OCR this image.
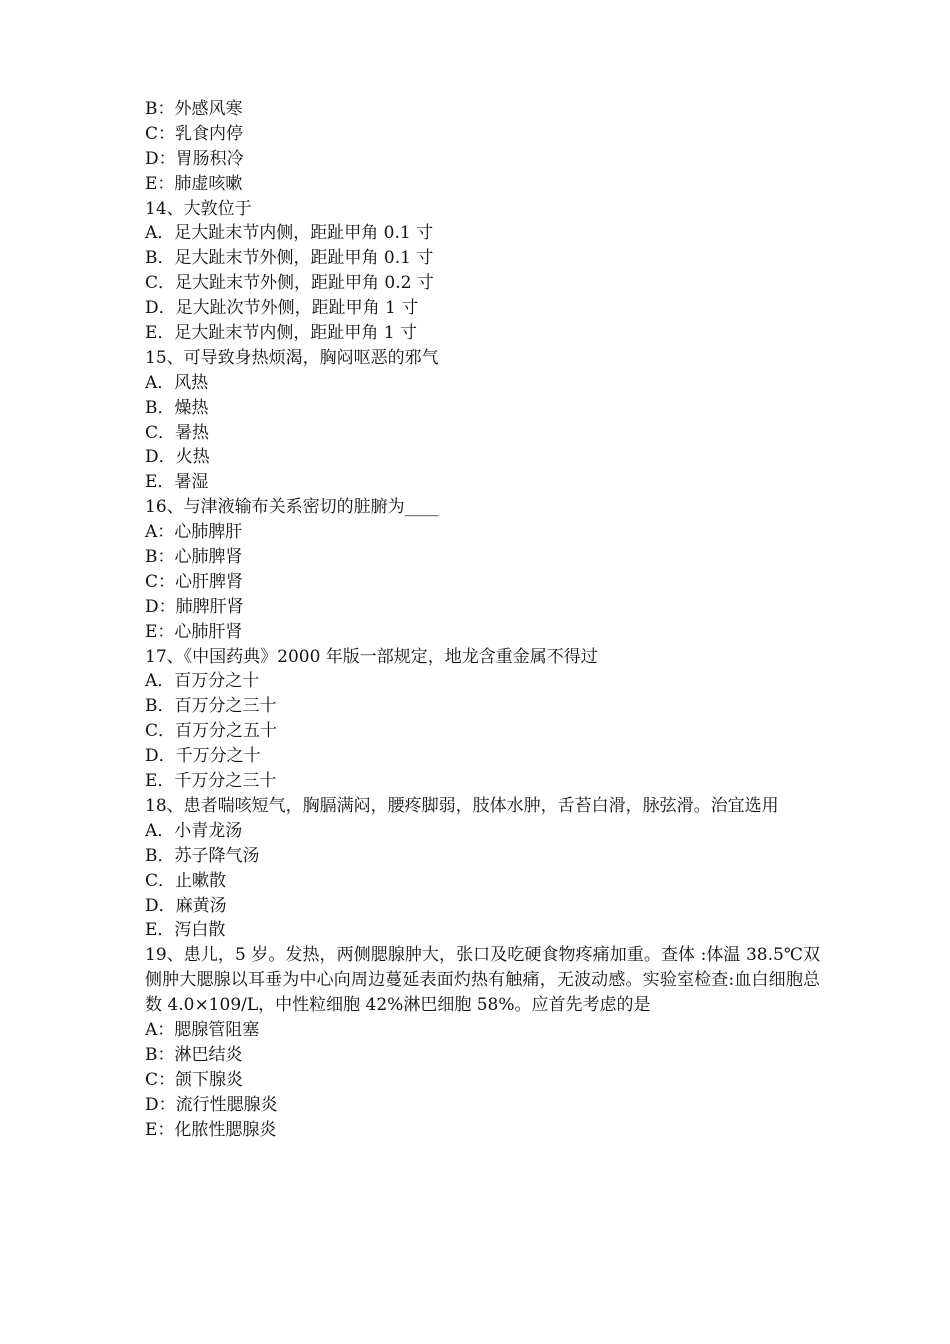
B：外感风寒

C：乳食内停

D：胃肠积冷

E：肺虚咳嗽

14、大敦位于

A．足大趾末节内侧，距趾甲角 0.1 寸

B．足大趾末节外侧，距趾甲角 0.1 寸

C．足大趾末节外侧，距趾甲角 0.2 寸

D．足大趾次节外侧，距趾甲角 1 寸

E．足大趾末节内侧，距趾甲角 1 寸

15、可导致身热烦渴，胸闷呕恶的邪气

A．风热

B．燥热

C．暑热

D．火热

E．暑湿

16、与津液输布关系密切的脏腑为____

A：心肺脾肝

B：心肺脾肾

C：心肝脾肾

D：肺脾肝肾

E：心肺肝肾

17、《中国药典》2000 年版一部规定，地龙含重金属不得过

A．百万分之十

B．百万分之三十

C．百万分之五十

D．千万分之十

E．千万分之三十

18、患者喘咳短气，胸膈满闷，腰疼脚弱，肢体水肿，舌苔白滑，脉弦滑。治宜选用

A．小青龙汤

B．苏子降气汤

C．止嗽散

D．麻黄汤

E．泻白散

19、患儿，5 岁。发热，两侧腮腺肿大，张口及吃硬食物疼痛加重。查体 :体温 38.5℃双侧肿大腮腺以耳垂为中心向周边蔓延表面灼热有触痛，无波动感。实验室检查:血白细胞总数 4.0×109/L，中性粒细胞 42%淋巴细胞 58%。应首先考虑的是

A：腮腺管阻塞

B：淋巴结炎

C：颌下腺炎

D：流行性腮腺炎

E：化脓性腮腺炎
